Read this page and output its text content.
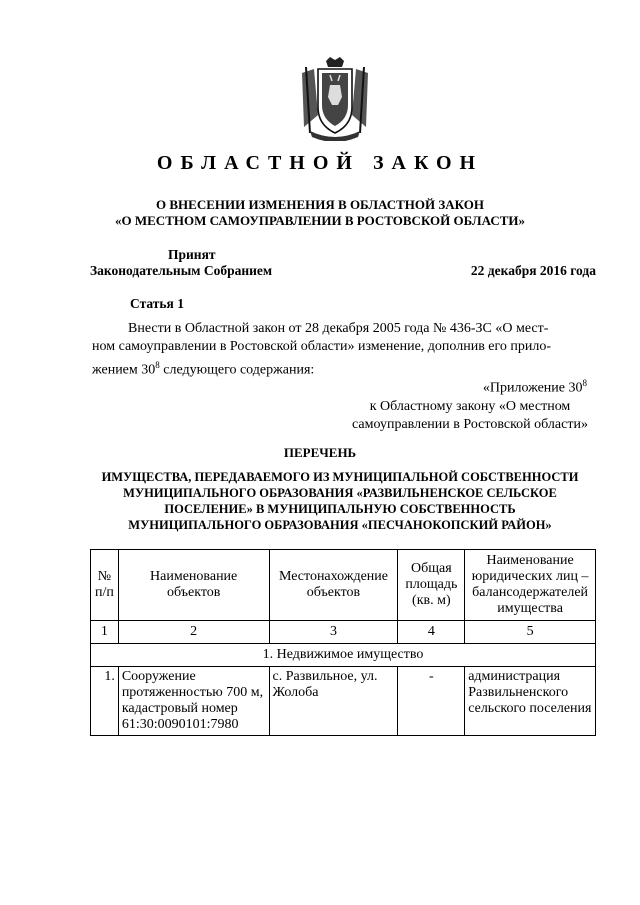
ОБЛАСТНОЙ ЗАКОН
О ВНЕСЕНИИ ИЗМЕНЕНИЯ В ОБЛАСТНОЙ ЗАКОН
«О МЕСТНОМ САМОУПРАВЛЕНИИ В РОСТОВСКОЙ ОБЛАСТИ»
Принят
Законодательным Собранием	22 декабря 2016 года
Статья 1
Внести в Областной закон от 28 декабря 2005 года № 436-ЗС «О мест-
ном самоуправлении в Ростовской области» изменение, дополнив его прило-
жением $30^8$ следующего содержания:
«Приложение $30^8$
к Областному закону «О местном
самоуправлении в Ростовской области»
ПЕРЕЧЕНЬ
ИМУЩЕСТВА, ПЕРЕДАВАЕМОГО ИЗ МУНИЦИПАЛЬНОЙ СОБСТВЕННОСТИ
МУНИЦИПАЛЬНОГО ОБРАЗОВАНИЯ «РАЗВИЛЬНЕНСКОЕ СЕЛЬСКОЕ
ПОСЕЛЕНИЕ» В МУНИЦИПАЛЬНУЮ СОБСТВЕННОСТЬ
МУНИЦИПАЛЬНОГО ОБРАЗОВАНИЯ «ПЕСЧАНОКОПСКИЙ РАЙОН»
№ п/п	Наименование объектов	Местонахождение объектов	Общая площадь (кв. м)	Наименование юридических лиц – балансодержателей имущества
1	2	3	4	5
1. Недвижимое имущество				
1.	Сооружение протяженностью 700 м, кадастровый номер 61:30:0090101:7980	с. Развильное, ул. Жолоба	-	администрация Развильненского сельского поселения
